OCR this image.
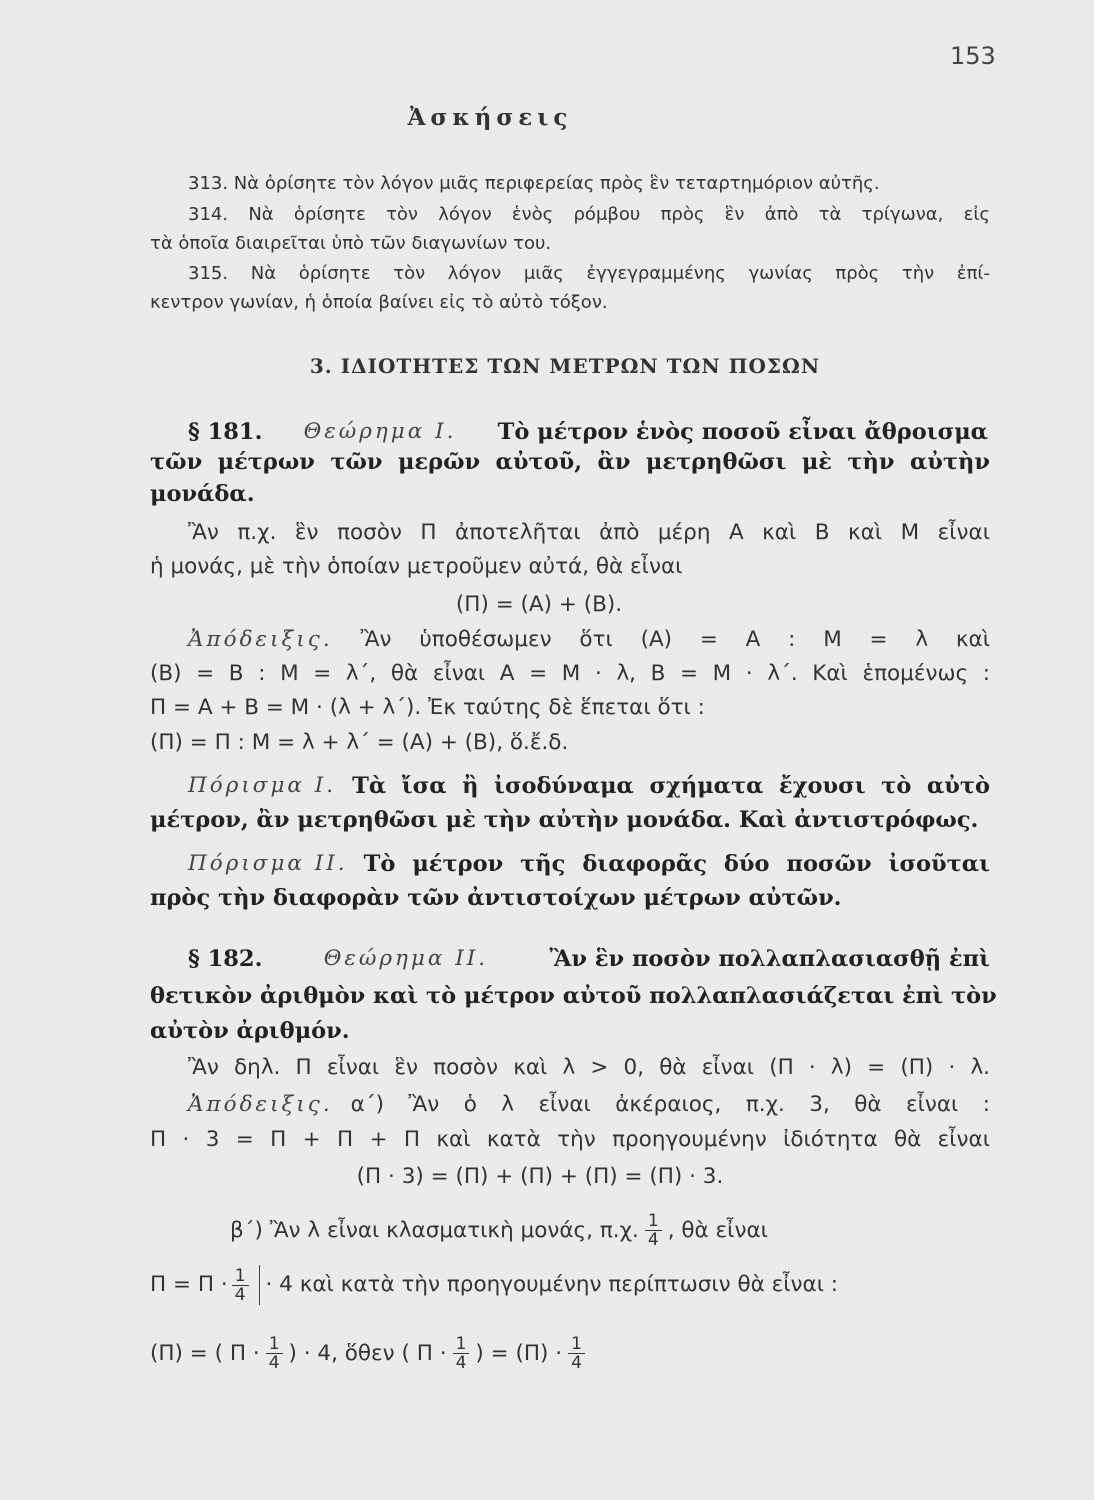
153
Ἀσκήσεις
313. Νὰ ὁρίσητε τὸν λόγον μιᾶς περιφερείας πρὸς ἓν τεταρτημόριον αὐτῆς.
314. Νὰ ὁρίσητε τὸν λόγον ἑνὸς ρόμβου πρὸς ἓν ἀπὸ τὰ τρίγωνα, εἰς
τὰ ὁποῖα διαιρεῖται ὑπὸ τῶν διαγωνίων του.
315. Νὰ ὁρίσητε τὸν λόγον μιᾶς ἐγγεγραμμένης γωνίας πρὸς τὴν ἐπί-
κεντρον γωνίαν, ἡ ὁποία βαίνει εἰς τὸ αὐτὸ τόξον.
3. ΙΔΙΟΤΗΤΕΣ ΤΩΝ ΜΕΤΡΩΝ ΤΩΝ ΠΟΣΩΝ
§ 181. Θεώρημα I. Τὸ μέτρον ἑνὸς ποσοῦ εἶναι ἄθροισμα
τῶν μέτρων τῶν μερῶν αὐτοῦ, ἂν μετρηθῶσι μὲ τὴν αὐτὴν
μονάδα.
Ἂν π.χ. ἓν ποσὸν Π ἀποτελῆται ἀπὸ μέρη Α καὶ Β καὶ Μ εἶναι
ἡ μονάς, μὲ τὴν ὁποίαν μετροῦμεν αὐτά, θὰ εἶναι
(Π) = (Α) + (Β).
Ἀπόδειξις. Ἂν ὑποθέσωμεν ὅτι (Α) = Α : Μ = λ καὶ
(Β) = Β : Μ = λ΄, θὰ εἶναι Α = Μ · λ, Β = Μ · λ΄. Καὶ ἑπομένως :
Π = Α + Β = Μ · (λ + λ΄). Ἐκ ταύτης δὲ ἕπεται ὅτι :
(Π) = Π : Μ = λ + λ΄ = (Α) + (Β), ὅ.ἔ.δ.
Πόρισμα I. Τὰ ἴσα ἢ ἰσοδύναμα σχήματα ἔχουσι τὸ αὐτὸ
μέτρον, ἂν μετρηθῶσι μὲ τὴν αὐτὴν μονάδα. Καὶ ἀντιστρόφως.
Πόρισμα II. Τὸ μέτρον τῆς διαφορᾶς δύο ποσῶν ἰσοῦται
πρὸς τὴν διαφορὰν τῶν ἀντιστοίχων μέτρων αὐτῶν.
§ 182.	Θεώρημα II.	Ἂν ἓν ποσὸν πολλαπλασιασθῇ ἐπὶ
θετικὸν ἀριθμὸν καὶ τὸ μέτρον αὐτοῦ πολλαπλασιάζεται ἐπὶ τὸν
αὐτὸν ἀριθμόν.
Ἂν δηλ. Π εἶναι ἓν ποσὸν καὶ λ > 0, θὰ εἶναι (Π · λ) = (Π) · λ.
Ἀπόδειξις. α΄) Ἂν ὁ λ εἶναι ἀκέραιος, π.χ. 3, θὰ εἶναι :
Π · 3 = Π + Π + Π καὶ κατὰ τὴν προηγουμένην ἰδιότητα θὰ εἶναι
(Π · 3) = (Π) + (Π) + (Π) = (Π) · 3.
β΄) Ἂν λ εἶναι κλασματικὴ μονάς, π.χ. $\frac{1}{4}$ , θὰ εἶναι
$\Pi = \Pi \cdot \frac{1}{4} \cdot 4$ καὶ κατὰ τὴν προηγουμένην περίπτωσιν θὰ εἶναι :
(Π) = ( $\Pi \cdot \frac{1}{4}$ ) · 4, ὅθεν ( $\Pi \cdot \frac{1}{4}$ ) = $(\Pi) \cdot \frac{1}{4}$
